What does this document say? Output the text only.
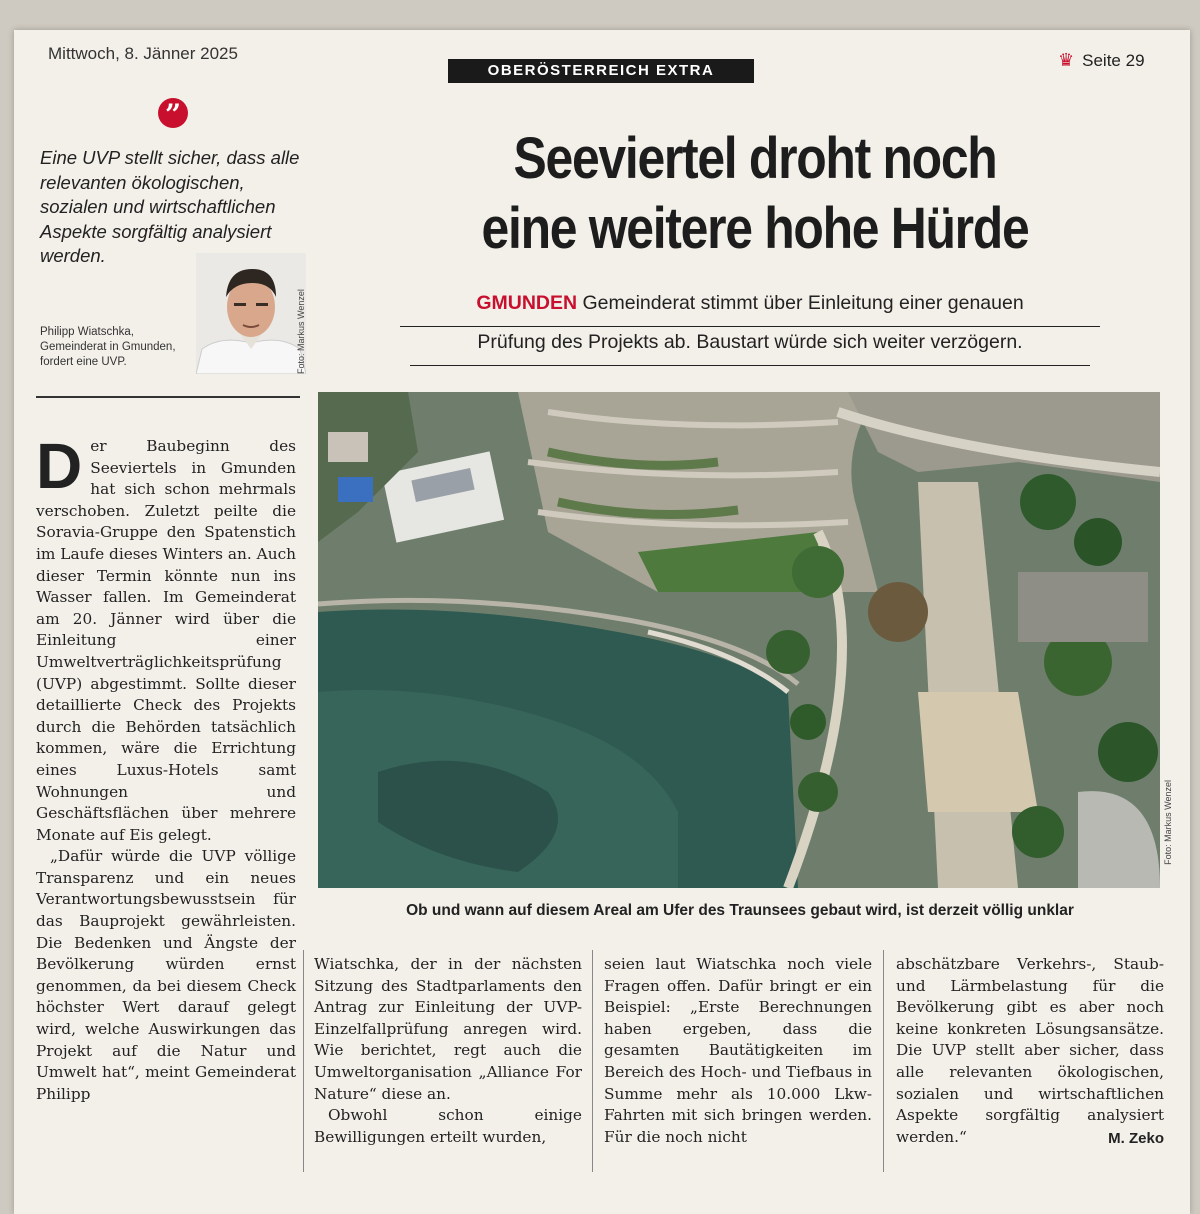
Mittwoch, 8. Jänner 2025
OBERÖSTERREICH EXTRA
♛ Seite 29
”
Eine UVP stellt sicher, dass alle relevanten ökologischen, sozialen und wirtschaftlichen Aspekte sorgfältig analysiert werden.
Foto: Markus Wenzel
Philipp Wiatschka, Gemeinderat in Gmunden, fordert eine UVP.
Seeviertel droht noch
eine weitere hohe Hürde
GMUNDEN Gemeinderat stimmt über Einleitung einer genauen
Prüfung des Projekts ab. Baustart würde sich weiter verzögern.
Foto: Markus Wenzel
Ob und wann auf diesem Areal am Ufer des Traunsees gebaut wird, ist derzeit völlig unklar

Der Baubeginn des Seeviertels in Gmunden hat sich schon mehrmals verschoben. Zuletzt peilte die Soravia-Gruppe den Spatenstich im Laufe dieses Winters an. Auch dieser Termin könnte nun ins Wasser fallen. Im Gemeinderat am 20. Jänner wird über die Einleitung einer Umweltverträglichkeitsprüfung (UVP) abgestimmt. Sollte dieser detaillierte Check des Projekts durch die Behörden tatsächlich kommen, wäre die Errichtung eines Luxus-Hotels samt Wohnungen und Geschäftsflächen über mehrere Monate auf Eis gelegt.

„Dafür würde die UVP völlige Transparenz und ein neues Verantwortungsbewusstsein für das Bauprojekt gewährleisten. Die Bedenken und Ängste der Bevölkerung würden ernst genommen, da bei diesem Check höchster Wert darauf gelegt wird, welche Auswirkungen das Projekt auf die Natur und Umwelt hat“, meint Gemeinderat Philipp

Wiatschka, der in der nächsten Sitzung des Stadtparlaments den Antrag zur Einleitung der UVP-Einzelfallprüfung anregen wird. Wie berichtet, regt auch die Umweltorganisation „Alliance For Nature“ diese an.

Obwohl schon einige Bewilligungen erteilt wurden,

seien laut Wiatschka noch viele Fragen offen. Dafür bringt er ein Beispiel: „Erste Berechnungen haben ergeben, dass die gesamten Bautätigkeiten im Bereich des Hoch- und Tiefbaus in Summe mehr als 10.000 Lkw-Fahrten mit sich bringen werden. Für die noch nicht

abschätzbare Verkehrs-, Staub- und Lärmbelastung für die Bevölkerung gibt es aber noch keine konkreten Lösungsansätze. Die UVP stellt aber sicher, dass alle relevanten ökologischen, sozialen und wirtschaftlichen Aspekte sorgfältig analysiert werden.“	M. Zeko
